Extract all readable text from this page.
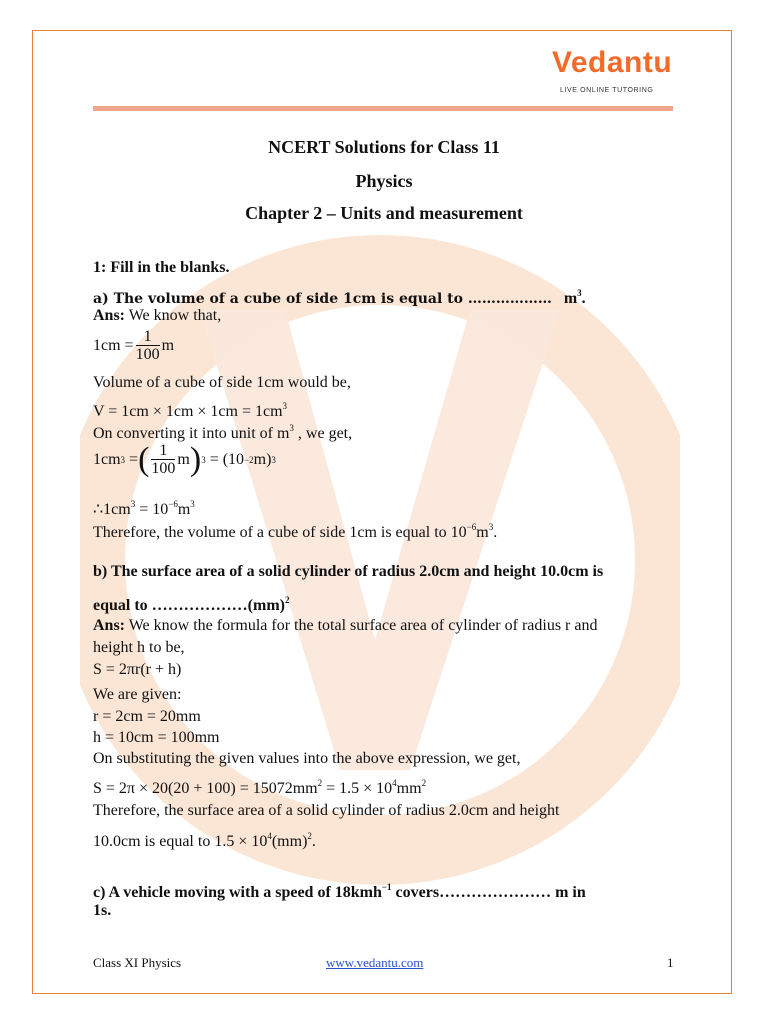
Vedantu
LIVE ONLINE TUTORING
NCERT Solutions for Class 11
Physics
Chapter 2 – Units and measurement
1: Fill in the blanks.
a) The volume of a cube of side 1cm is equal to ……………… $m^3$.
Ans: We know that,
$1cm = \frac{1}{100}$ m
Volume of a cube of side 1cm would be,
$V = 1cm \times 1cm \times 1cm = 1cm^3$
On converting it into unit of $m^3$ , we get,
1cm 3 = ( $\frac{1}{100}$ m ) 3 = (10 −2 m) 3
$\therefore 1cm^3 = 10^{-6}m^3$
Therefore, the volume of a cube of side 1cm is equal to $10^{-6}m^3$.
b) The surface area of a solid cylinder of radius 2.0cm and height 10.0cm is
equal to ………………(mm)$^2$
Ans: We know the formula for the total surface area of cylinder of radius r and
height h to be,
S = 2πr(r + h)
We are given:
r = 2cm = 20mm
h = 10cm = 100mm
On substituting the given values into the above expression, we get,
$S = 2\pi \times 20(20 + 100) = 15072mm^2 = 1.5 \times 10^4mm^2$
Therefore, the surface area of a solid cylinder of radius 2.0cm and height
10.0cm is equal to $1.5 \times 10^4(mm)^2$.
c) A vehicle moving with a speed of 18kmh$^{-1}$ covers………………… m in
1s.
Class XI Physics	www.vedantu.com	1
